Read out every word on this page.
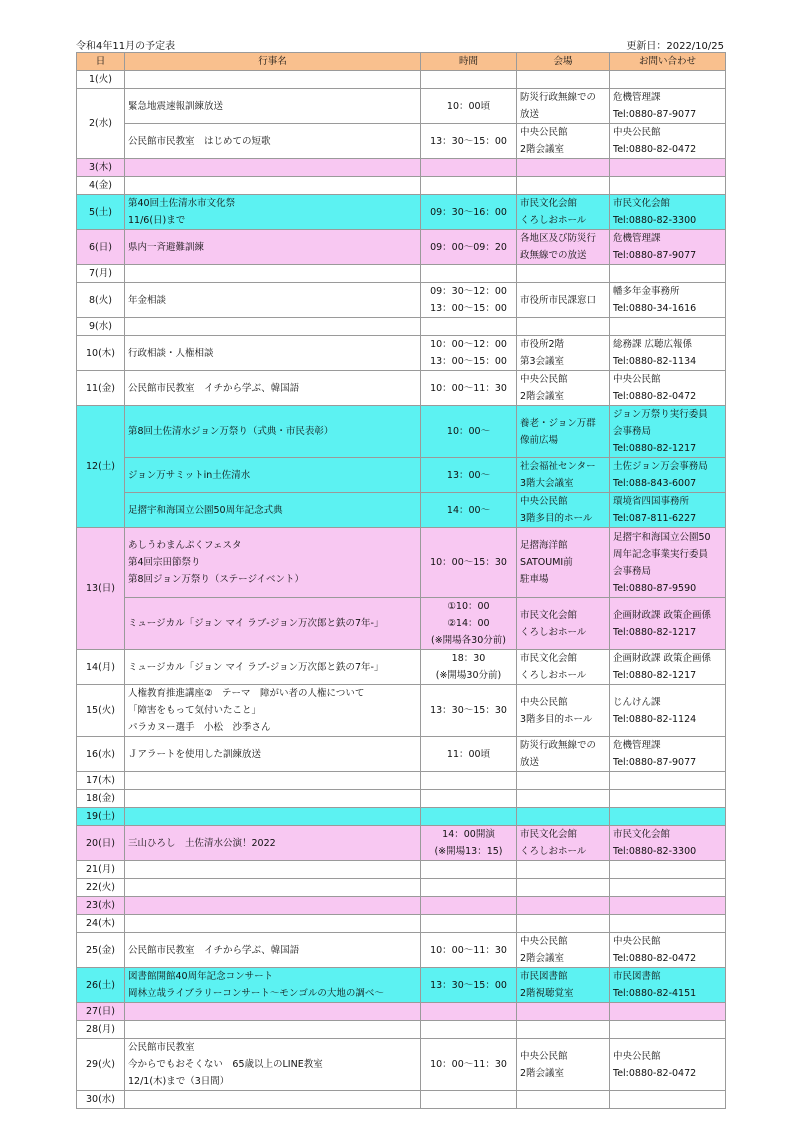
令和4年11月の予定表	更新日：2022/10/25
日	行事名	時間	会場	お問い合わせ
1(火)				
2(水)	緊急地震速報訓練放送	10：00頃	防災行政無線での
放送	危機管理課
Tel:0880-87-9077

	公民館市民教室　はじめての短歌	13：30～15：00	中央公民館
2階会議室	中央公民館
Tel:0880-82-0472

3(木)				
4(金)				
5(土)	第40回土佐清水市文化祭
11/6(日)まで	09：30～16：00	市民文化会館
くろしおホール	市民文化会館
Tel:0880-82-3300

6(日)	県内一斉避難訓練	09：00～09：20	各地区及び防災行
政無線での放送	危機管理課
Tel:0880-87-9077

7(月)				
8(火)	年金相談	09：30～12：00
13：00～15：00	市役所市民課窓口	幡多年金事務所
Tel:0880-34-1616

9(水)				
10(木)	行政相談・人権相談	10：00～12：00
13：00～15：00	市役所2階
第3会議室	総務課 広聴広報係
Tel:0880-82-1134

11(金)	公民館市民教室　イチから学ぶ、韓国語	10：00～11：30	中央公民館
2階会議室	中央公民館
Tel:0880-82-0472

12(土)	第8回土佐清水ジョン万祭り（式典・市民表彰）	10：00～	養老・ジョン万群
像前広場	ジョン万祭り実行委員
会事務局
Tel:0880-82-1217

	ジョン万サミットin土佐清水	13：00～	社会福祉センター
3階大会議室	土佐ジョン万会事務局
Tel:088-843-6007

	足摺宇和海国立公園50周年記念式典	14：00～	中央公民館
3階多目的ホール	環境省四国事務所
Tel:087-811-6227

13(日)	あしうわまんぷくフェスタ
第4回宗田節祭り
第8回ジョン万祭り（ステージイベント）	10：00～15：30	足摺海洋館
SATOUMI前
駐車場	足摺宇和海国立公園50
周年記念事業実行委員
会事務局
Tel:0880-87-9590

	ミュージカル「ジョン マイ ラブ-ジョン万次郎と鉄の7年-」	①10：00
②14：00
(※開場各30分前)	市民文化会館
くろしおホール	企画財政課 政策企画係
Tel:0880-82-1217

14(月)	ミュージカル「ジョン マイ ラブ-ジョン万次郎と鉄の7年-」	18：30
(※開場30分前)	市民文化会館
くろしおホール	企画財政課 政策企画係
Tel:0880-82-1217

15(火)	人権教育推進講座②　テーマ　障がい者の人権について
「障害をもって気付いたこと」
パラカヌー選手　小松　沙季さん	13：30～15：30	中央公民館
3階多目的ホール	じんけん課
Tel:0880-82-1124

16(水)	Ｊアラートを使用した訓練放送	11：00頃	防災行政無線での
放送	危機管理課
Tel:0880-87-9077

17(木)				
18(金)				
19(土)				
20(日)	三山ひろし　土佐清水公演！2022	14：00開演
(※開場13：15)	市民文化会館
くろしおホール	市民文化会館
Tel:0880-82-3300

21(月)				
22(火)				
23(水)				
24(木)				
25(金)	公民館市民教室　イチから学ぶ、韓国語	10：00～11：30	中央公民館
2階会議室	中央公民館
Tel:0880-82-0472

26(土)	図書館開館40周年記念コンサート
岡林立哉ライブラリーコンサート～モンゴルの大地の調べ～	13：30～15：00	市民図書館
2階視聴覚室	市民図書館
Tel:0880-82-4151

27(日)				
28(月)				
29(火)	公民館市民教室
今からでもおそくない　65歳以上のLINE教室
12/1(木)まで（3日間）	10：00～11：30	中央公民館
2階会議室	中央公民館
Tel:0880-82-0472

30(水)				
